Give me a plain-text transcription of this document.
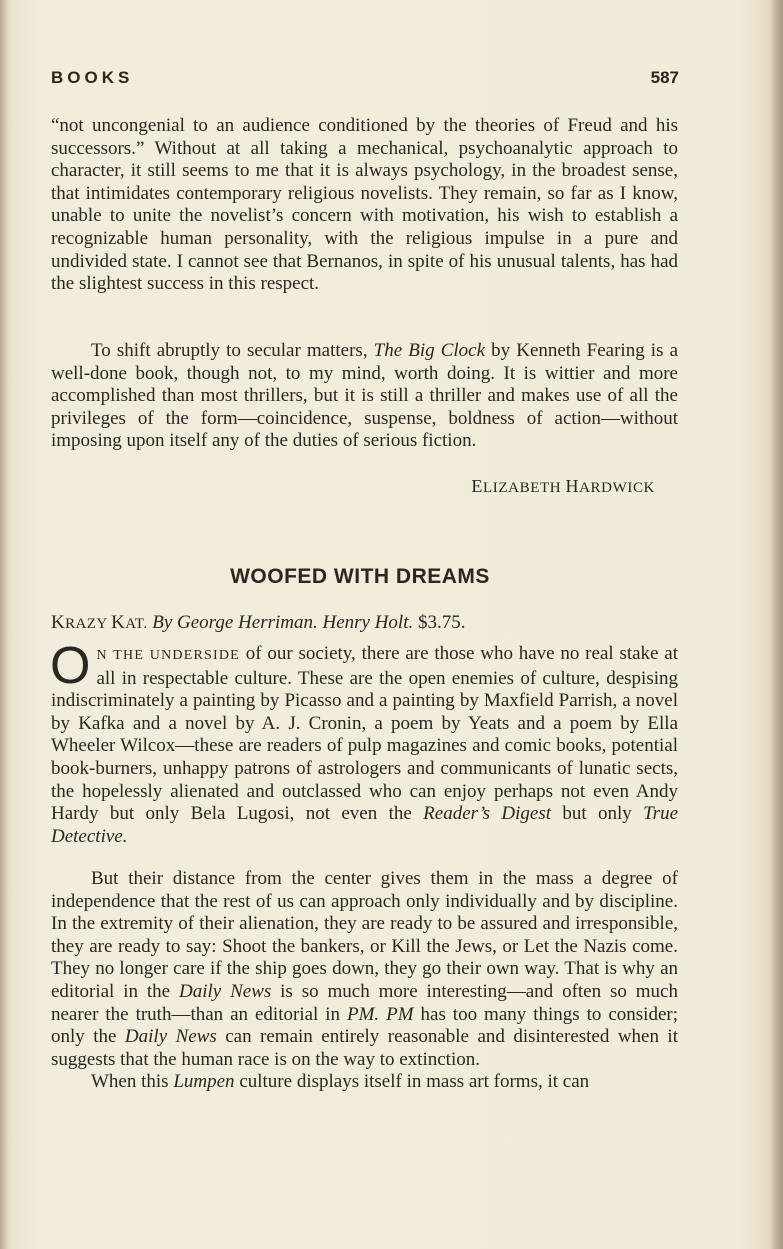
BOOKS	587

“not uncongenial to an audience conditioned by the theories of Freud and his successors.” Without at all taking a mechanical, psychoanalytic approach to character, it still seems to me that it is always psychology, in the broadest sense, that intimidates contemporary religious novelists. They remain, so far as I know, unable to unite the novelist’s concern with motivation, his wish to establish a recognizable human personality, with the religious impulse in a pure and undivided state. I cannot see that Bernanos, in spite of his unusual talents, has had the slightest success in this respect.

To shift abruptly to secular matters, The Big Clock by Kenneth Fearing is a well-done book, though not, to my mind, worth doing. It is wittier and more accomplished than most thrillers, but it is still a thriller and makes use of all the privileges of the form—coincidence, suspense, boldness of action—without imposing upon itself any of the duties of serious fiction.

ELIZABETH HARDWICK
WOOFED WITH DREAMS
KRAZY KAT. By George Herriman. Henry Holt. $3.75.

O N THE UNDERSIDE of our society, there are those who have no real stake at all in respectable culture. These are the open enemies of culture, despising indiscriminately a painting by Picasso and a painting by Maxfield Parrish, a novel by Kafka and a novel by A. J. Cronin, a poem by Yeats and a poem by Ella Wheeler Wilcox—these are readers of pulp magazines and comic books, potential book-burners, unhappy patrons of astrologers and communicants of lunatic sects, the hopelessly alienated and outclassed who can enjoy perhaps not even Andy Hardy but only Bela Lugosi, not even the Reader’s Digest but only True Detective.

But their distance from the center gives them in the mass a degree of independence that the rest of us can approach only individually and by discipline. In the extremity of their alienation, they are ready to be assured and irresponsible, they are ready to say: Shoot the bankers, or Kill the Jews, or Let the Nazis come. They no longer care if the ship goes down, they go their own way. That is why an editorial in the Daily News is so much more interesting—and often so much nearer the truth—than an editorial in PM. PM has too many things to consider; only the Daily News can remain entirely reasonable and disinterested when it suggests that the human race is on the way to extinction.

When this Lumpen culture displays itself in mass art forms, it can
